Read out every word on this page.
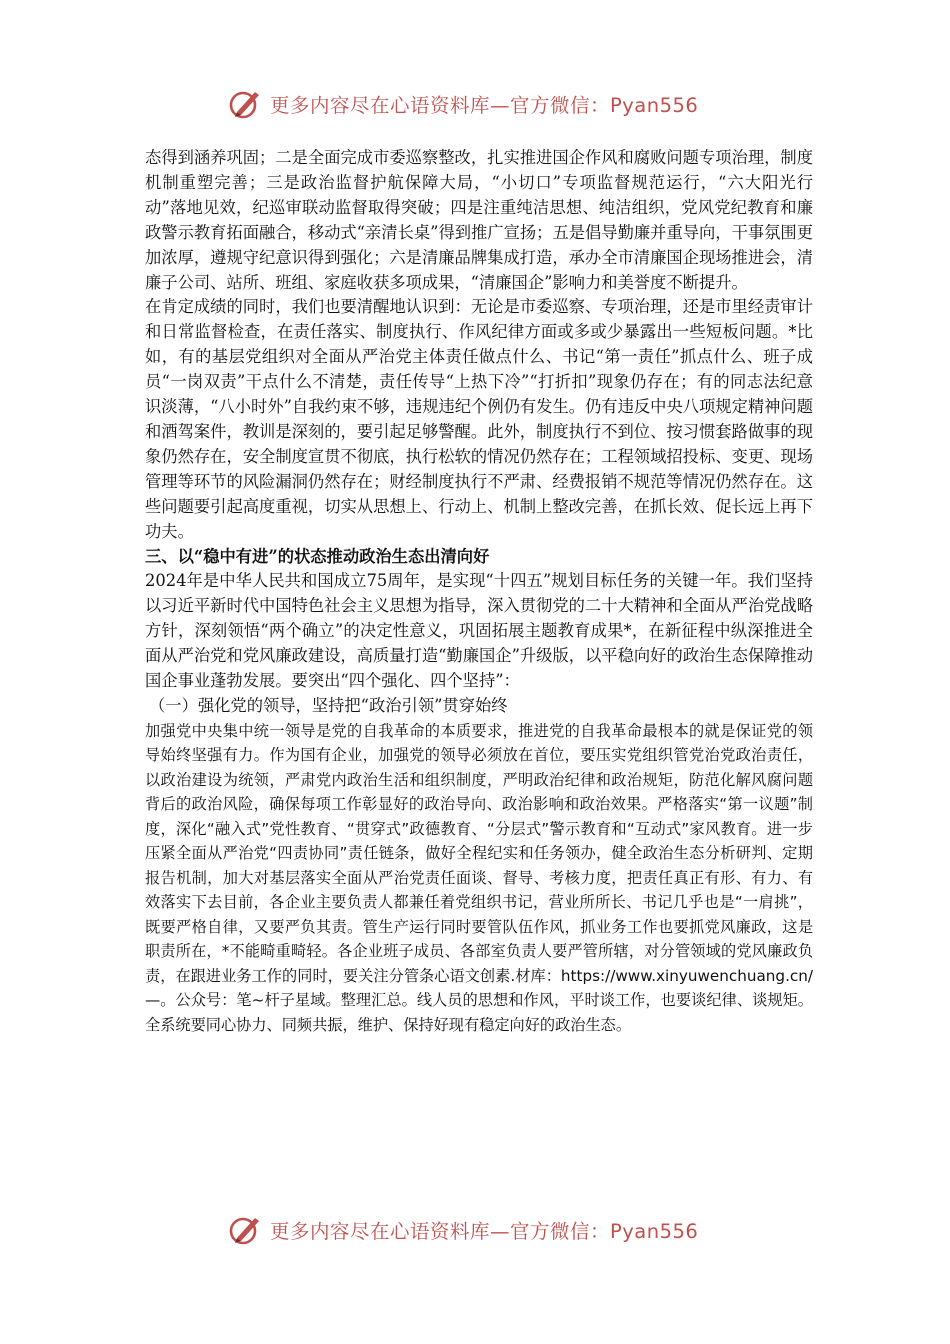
更多内容尽在心语资料库—官方微信：Pyan556

态得到涵养巩固；二是全面完成市委巡察整改，扎实推进国企作风和腐败问题专项治理，制度机制重塑完善；三是政治监督护航保障大局，“小切口”专项监督规范运行，“六大阳光行动”落地见效，纪巡审联动监督取得突破；四是注重纯洁思想、纯洁组织，党风党纪教育和廉政警示教育拓面融合，移动式“亲清长桌”得到推广宣扬；五是倡导勤廉并重导向，干事氛围更加浓厚，遵规守纪意识得到强化；六是清廉品牌集成打造，承办全市清廉国企现场推进会，清廉子公司、站所、班组、家庭收获多项成果，“清廉国企”影响力和美誉度不断提升。

在肯定成绩的同时，我们也要清醒地认识到：无论是市委巡察、专项治理，还是市里经责审计和日常监督检查，在责任落实、制度执行、作风纪律方面或多或少暴露出一些短板问题。*比如，有的基层党组织对全面从严治党主体责任做点什么、书记“第一责任”抓点什么、班子成员“一岗双责”干点什么不清楚，责任传导“上热下冷”“打折扣”现象仍存在；有的同志法纪意识淡薄，“八小时外”自我约束不够，违规违纪个例仍有发生。仍有违反中央八项规定精神问题和酒驾案件，教训是深刻的，要引起足够警醒。此外，制度执行不到位、按习惯套路做事的现象仍然存在，安全制度宣贯不彻底，执行松软的情况仍然存在；工程领域招投标、变更、现场管理等环节的风险漏洞仍然存在；财经制度执行不严肃、经费报销不规范等情况仍然存在。这些问题要引起高度重视，切实从思想上、行动上、机制上整改完善，在抓长效、促长远上再下功夫。

三、以“稳中有进”的状态推动政治生态出清向好

2024年是中华人民共和国成立75周年，是实现“十四五”规划目标任务的关键一年。我们坚持以习近平新时代中国特色社会主义思想为指导，深入贯彻党的二十大精神和全面从严治党战略方针，深刻领悟“两个确立”的决定性意义，巩固拓展主题教育成果*，在新征程中纵深推进全面从严治党和党风廉政建设，高质量打造“勤廉国企”升级版，以平稳向好的政治生态保障推动国企事业蓬勃发展。要突出“四个强化、四个坚持”：

（一）强化党的领导，坚持把“政治引领”贯穿始终

加强党中央集中统一领导是党的自我革命的本质要求，推进党的自我革命最根本的就是保证党的领导始终坚强有力。作为国有企业，加强党的领导必须放在首位，要压实党组织管党治党政治责任，以政治建设为统领，严肃党内政治生活和组织制度，严明政治纪律和政治规矩，防范化解风腐问题背后的政治风险，确保每项工作彰显好的政治导向、政治影响和政治效果。严格落实“第一议题”制度，深化“融入式”党性教育、“贯穿式”政德教育、“分层式”警示教育和“互动式”家风教育。进一步压紧全面从严治党“四责协同”责任链条，做好全程纪实和任务领办，健全政治生态分析研判、定期报告机制，加大对基层落实全面从严治党责任面谈、督导、考核力度，把责任真正有形、有力、有效落实下去目前，各企业主要负责人都兼任着党组织书记，营业所所长、书记几乎也是“一肩挑”，既要严格自律，又要严负其责。管生产运行同时要管队伍作风，抓业务工作也要抓党风廉政，这是职责所在，*不能畸重畸轻。各企业班子成员、各部室负责人要严管所辖，对分管领域的党风廉政负责，在跟进业务工作的同时，要关注分管条心语文创素.材库：https://www.xinyuwenchuang.cn/—。公众号：笔~杆子星域。整理汇总。线人员的思想和作风，平时谈工作，也要谈纪律、谈规矩。全系统要同心协力、同频共振，维护、保持好现有稳定向好的政治生态。

更多内容尽在心语资料库—官方微信：Pyan556
